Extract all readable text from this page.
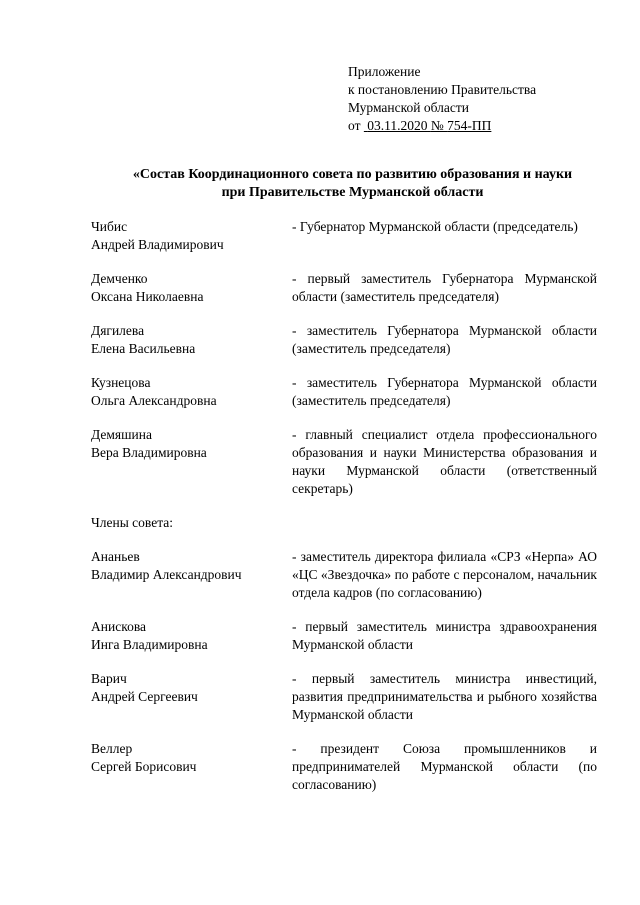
Приложение
к постановлению Правительства
Мурманской области
от  03.11.2020 № 754-ПП
«Состав Координационного совета по развитию образования и науки
при Правительстве Мурманской области
Чибис
Андрей Владимирович
- Губернатор Мурманской области (председатель)
Демченко
Оксана Николаевна
- первый заместитель Губернатора Мурманской области (заместитель председателя)
Дягилева
Елена Васильевна
- заместитель Губернатора Мурманской области (заместитель председателя)
Кузнецова
Ольга Александровна
- заместитель Губернатора Мурманской области (заместитель председателя)
Демяшина
Вера Владимировна
- главный специалист отдела профессионального образования и науки Министерства образования и науки Мурманской области (ответственный секретарь)
Члены совета:
Ананьев
Владимир Александрович
- заместитель директора филиала «СРЗ «Нерпа» АО «ЦС «Звездочка» по работе с персоналом, начальник отдела кадров (по согласованию)
Анискова
Инга Владимировна
- первый заместитель министра здравоохранения Мурманской области
Варич
Андрей Сергеевич
- первый заместитель министра инвестиций, развития предпринимательства и рыбного хозяйства Мурманской области
Веллер
Сергей Борисович
- президент Союза промышленников и предпринимателей Мурманской области (по согласованию)
